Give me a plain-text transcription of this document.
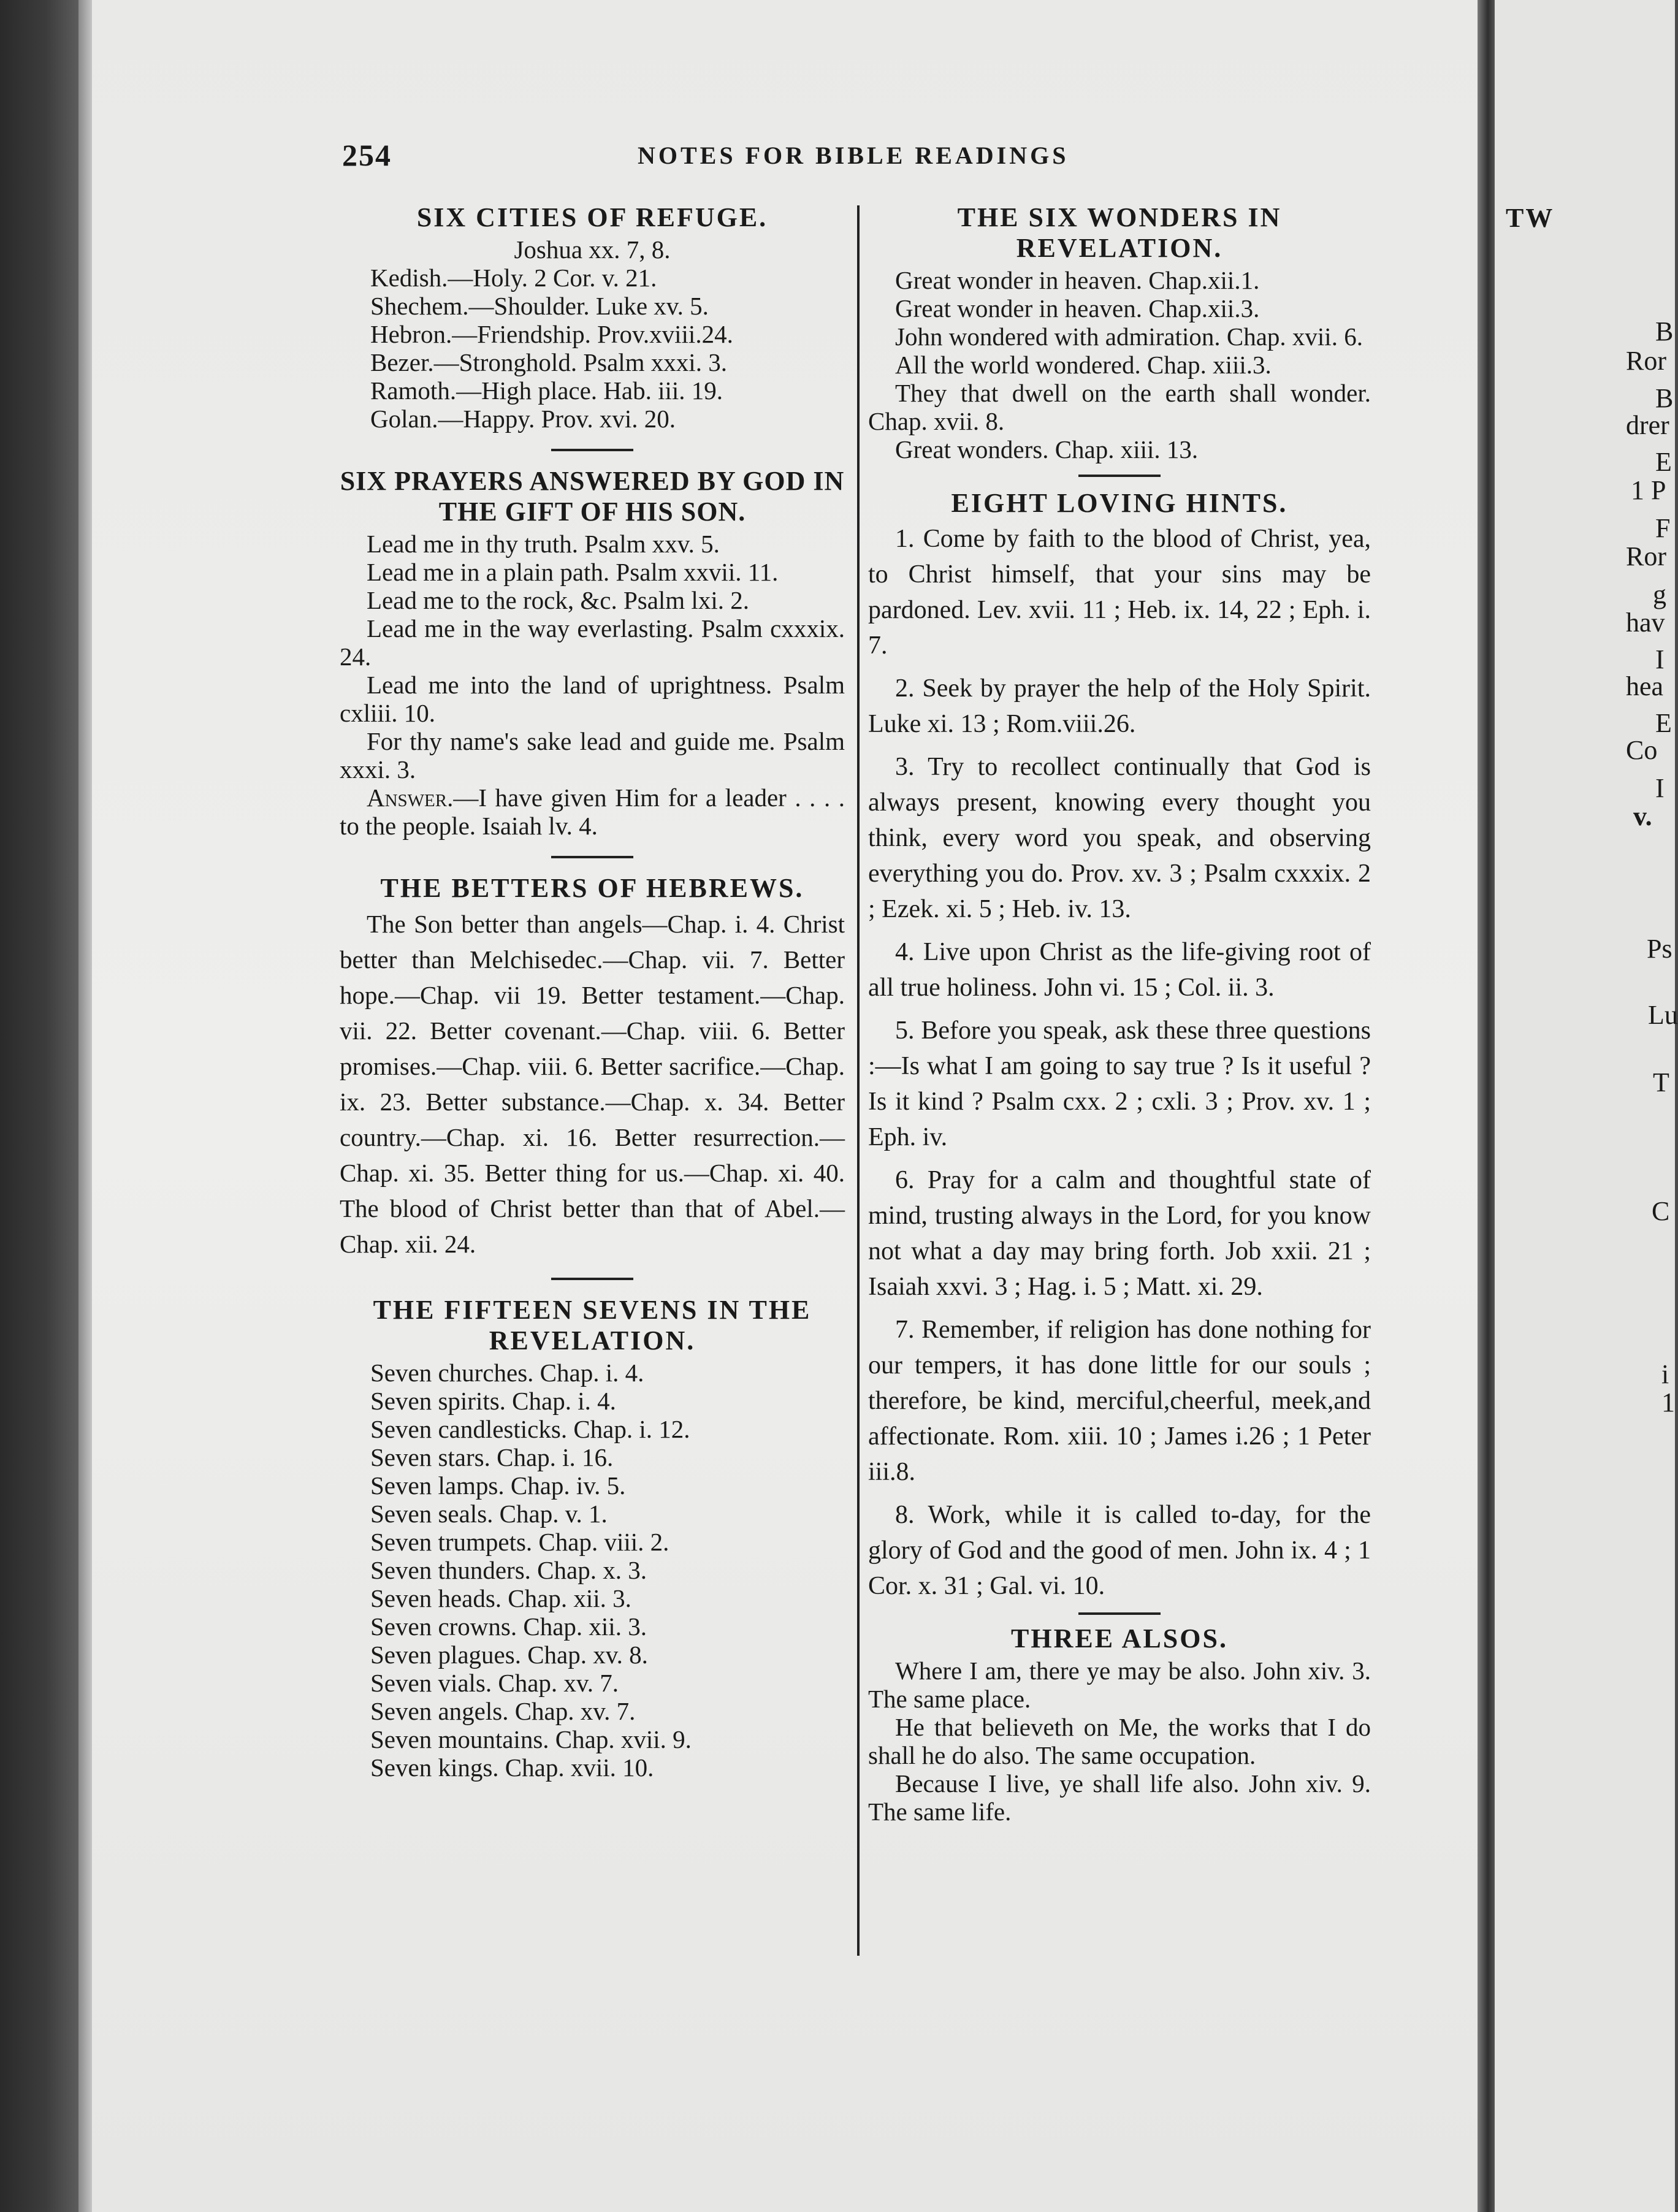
TW
B
Ror
B
drer
E
1 P
F
Ror
g
hav
I
hea
E
Co
I
v.
Ps
Lu
T
C
i
1
254	NOTES FOR BIBLE READINGS
SIX CITIES OF REFUGE.

Joshua xx. 7, 8.

Kedish.—Holy. 2 Cor. v. 21.
Shechem.—Shoulder. Luke xv. 5.
Hebron.—Friendship. Prov.xviii.24.
Bezer.—Stronghold. Psalm xxxi. 3.
Ramoth.—High place. Hab. iii. 19.
Golan.—Happy. Prov. xvi. 20.
SIX PRAYERS ANSWERED BY GOD IN THE GIFT OF HIS SON.

Lead me in thy truth. Psalm xxv. 5.

Lead me in a plain path. Psalm xxvii. 11.

Lead me to the rock, &c. Psalm lxi. 2.

Lead me in the way everlasting. Psalm cxxxix. 24.

Lead me into the land of uprightness. Psalm cxliii. 10.

For thy name's sake lead and guide me. Psalm xxxi. 3.

Answer.—I have given Him for a leader . . . . to the people. Isaiah lv. 4.

THE BETTERS OF HEBREWS.

The Son better than angels—Chap. i. 4. Christ better than Melchisedec.—Chap. vii. 7. Better hope.—Chap. vii 19. Better testament.—Chap. vii. 22. Better covenant.—Chap. viii. 6. Better promises.—Chap. viii. 6. Better sacrifice.—Chap. ix. 23. Better substance.—Chap. x. 34. Better country.—Chap. xi. 16. Better resurrection.—Chap. xi. 35. Better thing for us.—Chap. xi. 40. The blood of Christ better than that of Abel.—Chap. xii. 24.

THE FIFTEEN SEVENS IN THE REVELATION.
Seven churches. Chap. i. 4.
Seven spirits. Chap. i. 4.
Seven candlesticks. Chap. i. 12.
Seven stars. Chap. i. 16.
Seven lamps. Chap. iv. 5.
Seven seals. Chap. v. 1.
Seven trumpets. Chap. viii. 2.
Seven thunders. Chap. x. 3.
Seven heads. Chap. xii. 3.
Seven crowns. Chap. xii. 3.
Seven plagues. Chap. xv. 8.
Seven vials. Chap. xv. 7.
Seven angels. Chap. xv. 7.
Seven mountains. Chap. xvii. 9.
Seven kings. Chap. xvii. 10.
THE SIX WONDERS IN REVELATION.

Great wonder in heaven. Chap.xii.1.

Great wonder in heaven. Chap.xii.3.

John wondered with admiration. Chap. xvii. 6.

All the world wondered. Chap. xiii.3.

They that dwell on the earth shall wonder. Chap. xvii. 8.

Great wonders. Chap. xiii. 13.

EIGHT LOVING HINTS.

1. Come by faith to the blood of Christ, yea, to Christ himself, that your sins may be pardoned. Lev. xvii. 11 ; Heb. ix. 14, 22 ; Eph. i. 7.

2. Seek by prayer the help of the Holy Spirit. Luke xi. 13 ; Rom.viii.26.

3. Try to recollect continually that God is always present, knowing every thought you think, every word you speak, and observing everything you do. Prov. xv. 3 ; Psalm cxxxix. 2 ; Ezek. xi. 5 ; Heb. iv. 13.

4. Live upon Christ as the life-giving root of all true holiness. John vi. 15 ; Col. ii. 3.

5. Before you speak, ask these three questions :—Is what I am going to say true ? Is it useful ? Is it kind ? Psalm cxx. 2 ; cxli. 3 ; Prov. xv. 1 ; Eph. iv.

6. Pray for a calm and thoughtful state of mind, trusting always in the Lord, for you know not what a day may bring forth. Job xxii. 21 ; Isaiah xxvi. 3 ; Hag. i. 5 ; Matt. xi. 29.

7. Remember, if religion has done nothing for our tempers, it has done little for our souls ; therefore, be kind, merciful,cheerful, meek,and affectionate. Rom. xiii. 10 ; James i.26 ; 1 Peter iii.8.

8. Work, while it is called to-day, for the glory of God and the good of men. John ix. 4 ; 1 Cor. x. 31 ; Gal. vi. 10.

THREE ALSOS.

Where I am, there ye may be also. John xiv. 3. The same place.

He that believeth on Me, the works that I do shall he do also. The same occupation.

Because I live, ye shall life also. John xiv. 9. The same life.
